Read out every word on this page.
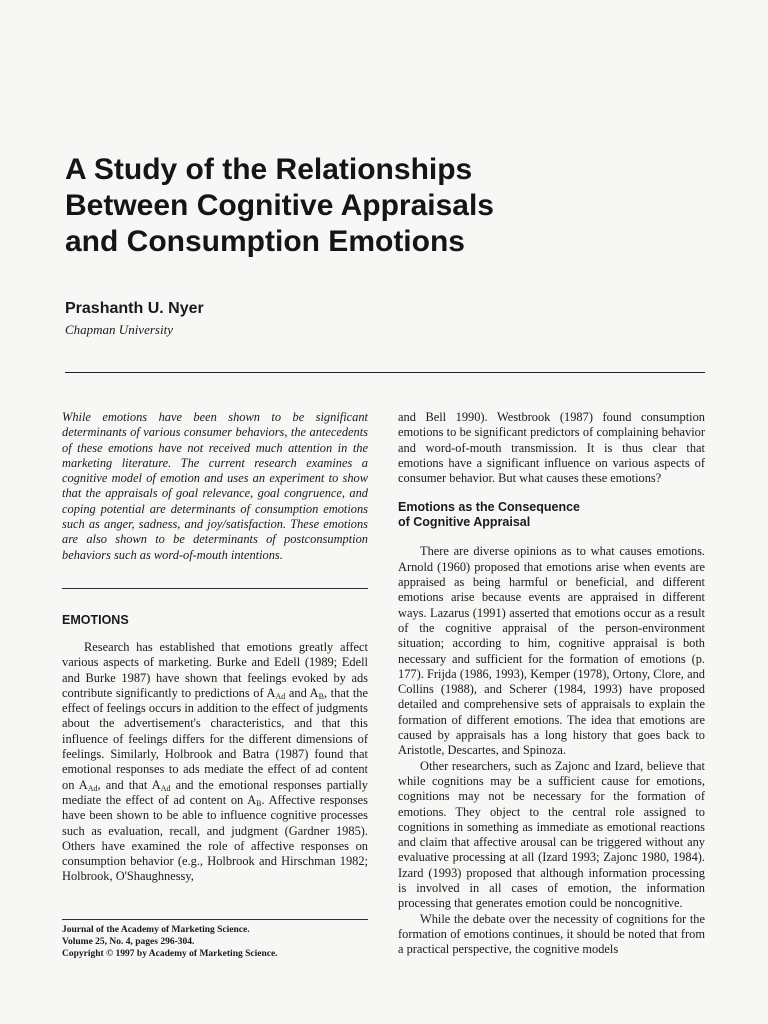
A Study of the Relationships
Between Cognitive Appraisals
and Consumption Emotions
Prashanth U. Nyer
Chapman University

While emotions have been shown to be significant determinants of various consumer behaviors, the antecedents of these emotions have not received much attention in the marketing literature. The current research examines a cognitive model of emotion and uses an experiment to show that the appraisals of goal relevance, goal congruence, and coping potential are determinants of consumption emotions such as anger, sadness, and joy/satisfaction. These emotions are also shown to be determinants of postconsumption behaviors such as word-of-mouth intentions.

EMOTIONS

Research has established that emotions greatly affect various aspects of marketing. Burke and Edell (1989; Edell and Burke 1987) have shown that feelings evoked by ads contribute significantly to predictions of $A_{Ad}$ and $A_B$, that the effect of feelings occurs in addition to the effect of judgments about the advertisement's characteristics, and that this influence of feelings differs for the different dimensions of feelings. Similarly, Holbrook and Batra (1987) found that emotional responses to ads mediate the effect of ad content on $A_{Ad}$, and that $A_{Ad}$ and the emotional responses partially mediate the effect of ad content on $A_B$. Affective responses have been shown to be able to influence cognitive processes such as evaluation, recall, and judgment (Gardner 1985). Others have examined the role of affective responses on consumption behavior (e.g., Holbrook and Hirschman 1982; Holbrook, O'Shaughnessy,

and Bell 1990). Westbrook (1987) found consumption emotions to be significant predictors of complaining behavior and word-of-mouth transmission. It is thus clear that emotions have a significant influence on various aspects of consumer behavior. But what causes these emotions?

Emotions as the Consequence
of Cognitive Appraisal

There are diverse opinions as to what causes emotions. Arnold (1960) proposed that emotions arise when events are appraised as being harmful or beneficial, and different emotions arise because events are appraised in different ways. Lazarus (1991) asserted that emotions occur as a result of the cognitive appraisal of the person-environment situation; according to him, cognitive appraisal is both necessary and sufficient for the formation of emotions (p. 177). Frijda (1986, 1993), Kemper (1978), Ortony, Clore, and Collins (1988), and Scherer (1984, 1993) have proposed detailed and comprehensive sets of appraisals to explain the formation of different emotions. The idea that emotions are caused by appraisals has a long history that goes back to Aristotle, Descartes, and Spinoza.

Other researchers, such as Zajonc and Izard, believe that while cognitions may be a sufficient cause for emotions, cognitions may not be necessary for the formation of emotions. They object to the central role assigned to cognitions in something as immediate as emotional reactions and claim that affective arousal can be triggered without any evaluative processing at all (Izard 1993; Zajonc 1980, 1984). Izard (1993) proposed that although information processing is involved in all cases of emotion, the information processing that generates emotion could be noncognitive.

While the debate over the necessity of cognitions for the formation of emotions continues, it should be noted that from a practical perspective, the cognitive models

Journal of the Academy of Marketing Science.
Volume 25, No. 4, pages 296-304.
Copyright © 1997 by Academy of Marketing Science.
